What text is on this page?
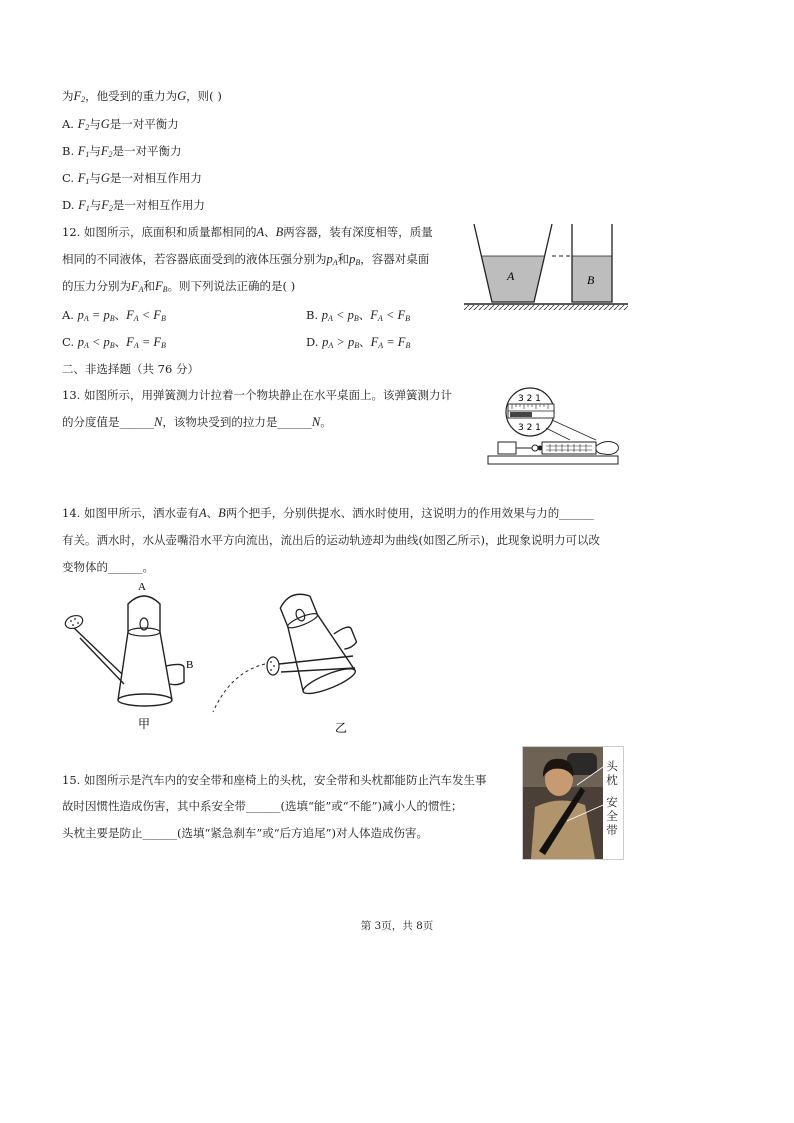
为$F_2$，他受到的重力为G，则( )
A. $F_2$与G是一对平衡力
B. $F_1$与$F_2$是一对平衡力
C. $F_1$与G是一对相互作用力
D. $F_1$与$F_2$是一对相互作用力
12. 如图所示，底面积和质量都相同的A、B两容器，装有深度相等，质量
相同的不同液体，若容器底面受到的液体压强分别为$p_A$和$p_B$，容器对桌面
的压力分别为$F_A$和$F_B$。则下列说法正确的是( )
A. $p_A = p_B$、$F_A < F_B$	B. $p_A < p_B$、$F_A < F_B$
C. $p_A < p_B$、$F_A = F_B$	D. $p_A > p_B$、$F_A = F_B$
A	B
二、非选择题（共 76 分）
13. 如图所示，用弹簧测力计拉着一个物块静止在水平桌面上。该弹簧测力计
的分度值是______N，该物块受到的拉力是______N。
3 2 1
3 2 1
14. 如图甲所示，洒水壶有A、B两个把手，分别供提水、洒水时使用，这说明力的作用效果与力的______
有关。洒水时，水从壶嘴沿水平方向流出，流出后的运动轨迹却为曲线(如图乙所示)，此现象说明力可以改
变物体的______。
A
B
甲	乙
15. 如图所示是汽车内的安全带和座椅上的头枕，安全带和头枕都能防止汽车发生事
故时因惯性造成伤害，其中系安全带______(选填“能”或“不能”)减小人的惯性；
头枕主要是防止______(选填“紧急刹车”或“后方追尾”)对人体造成伤害。
头枕
安全带
第 3页，共 8页
